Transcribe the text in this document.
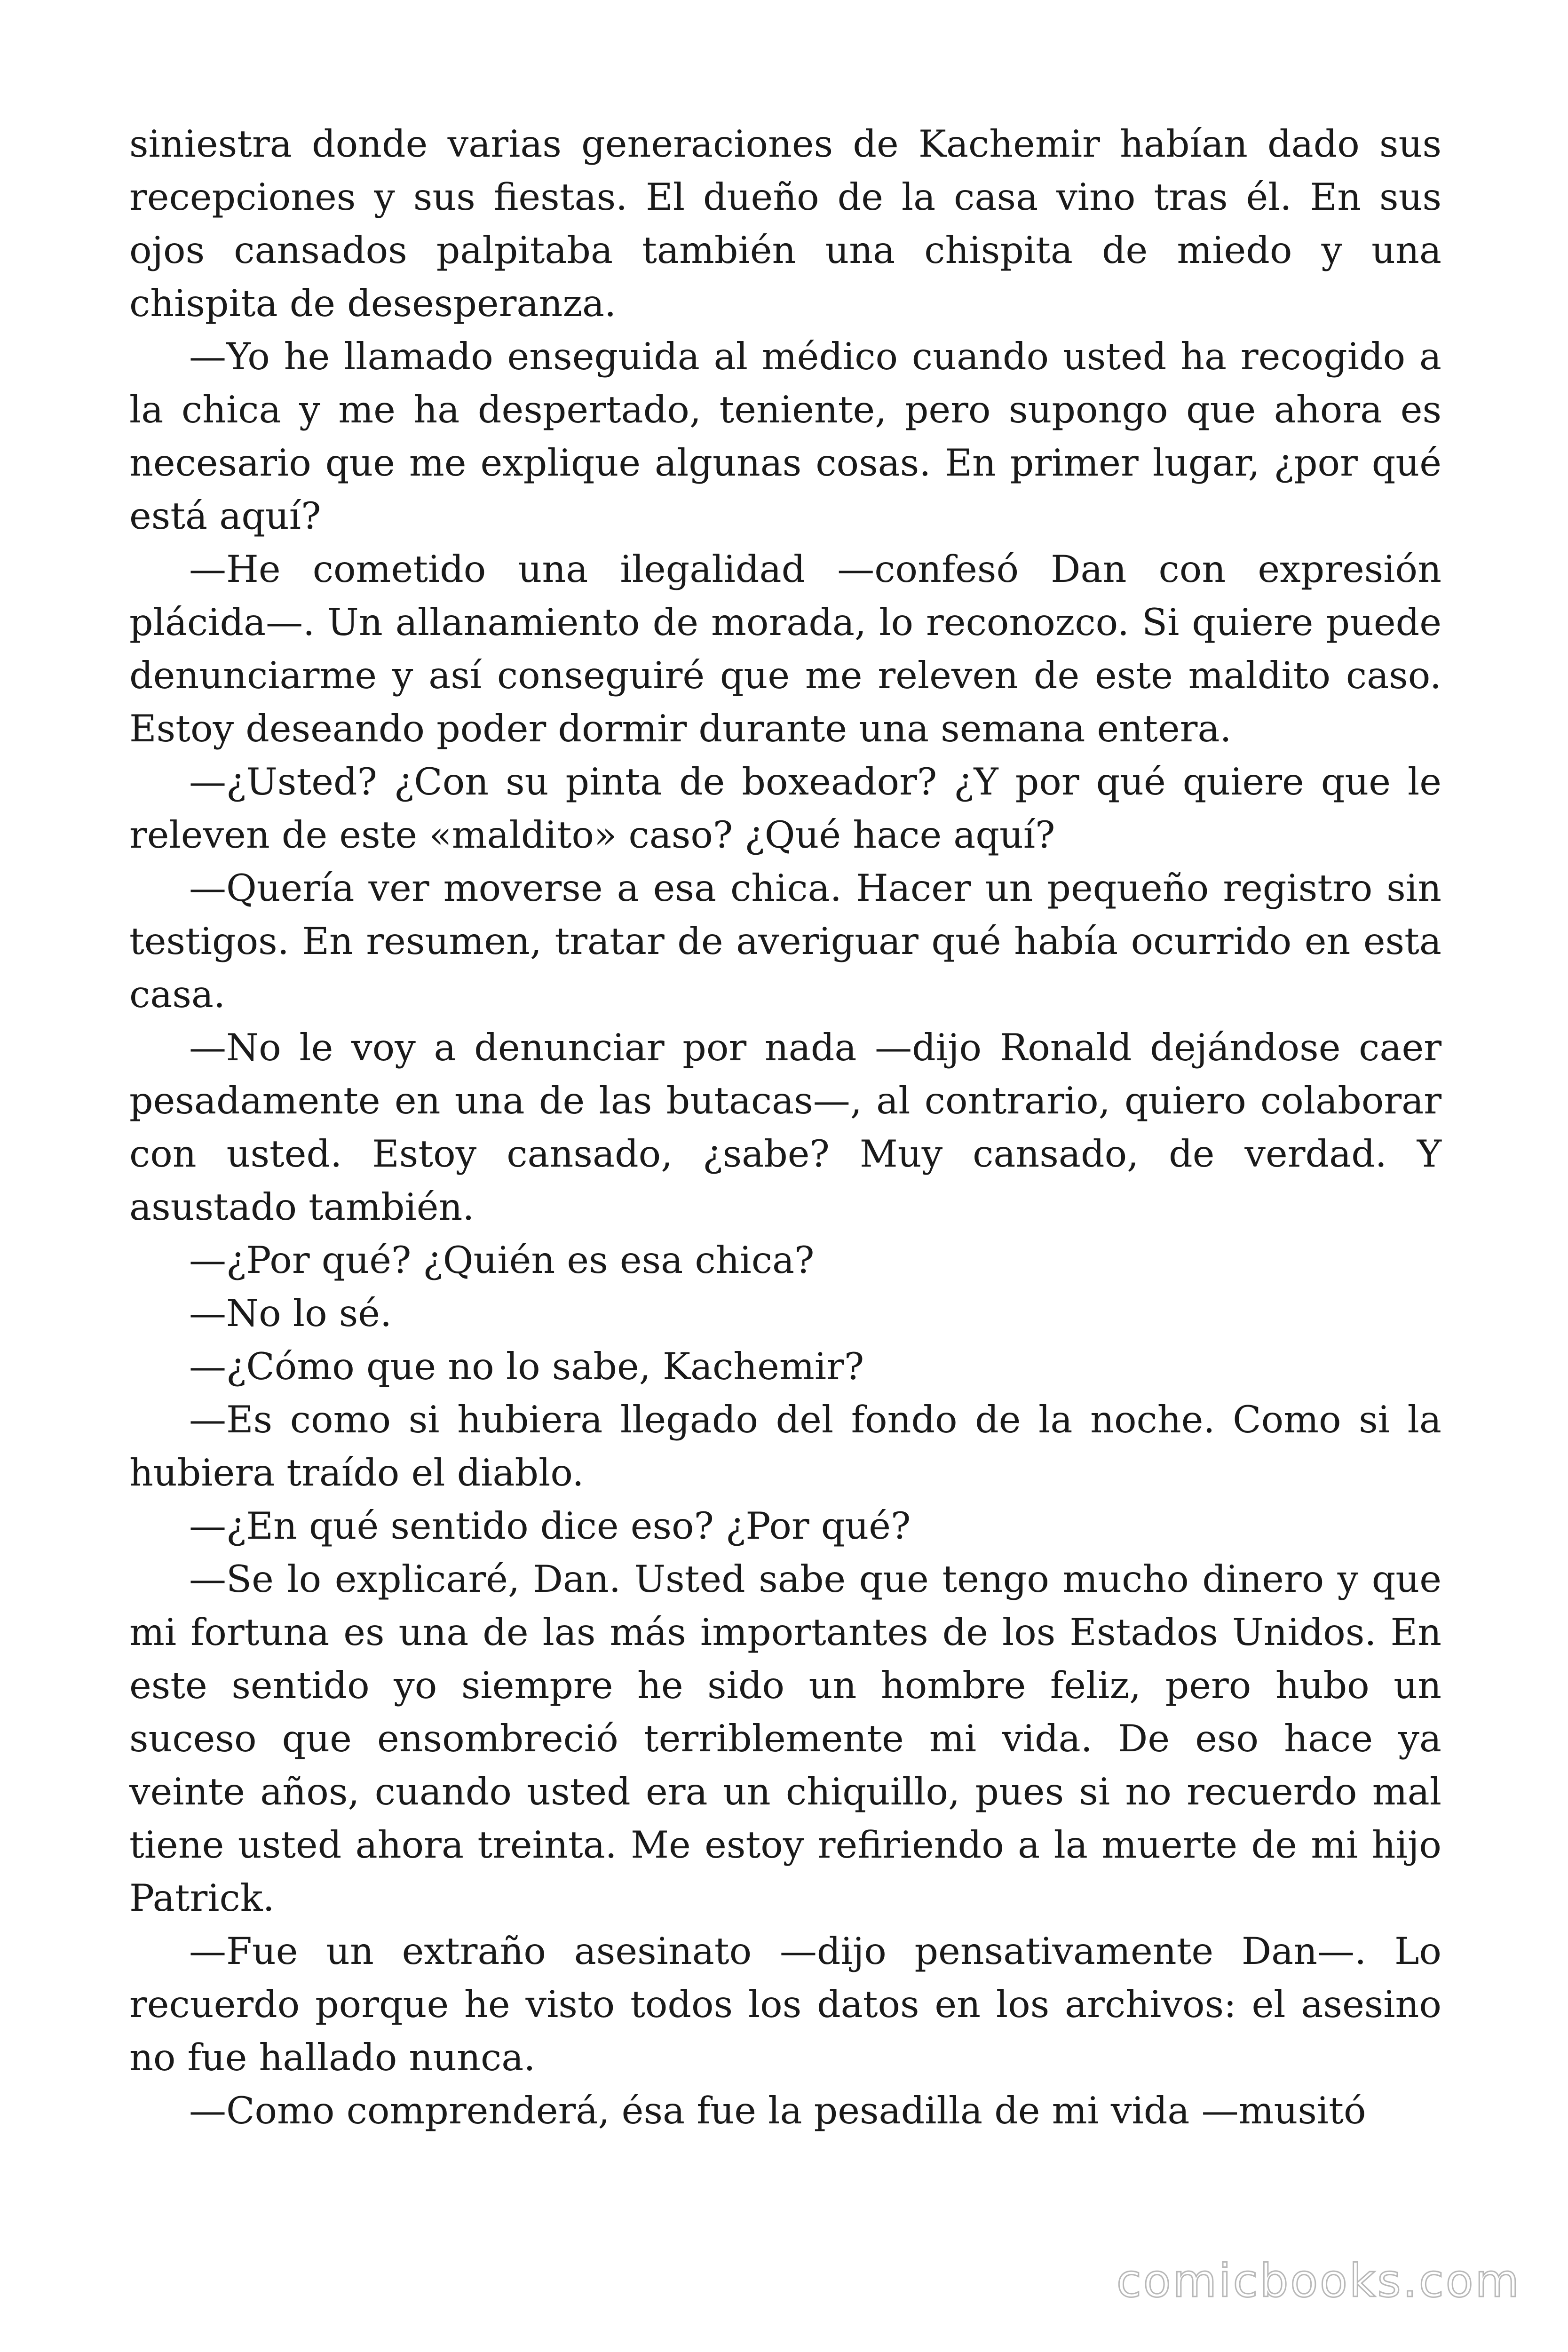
siniestra donde varias generaciones de Kachemir habían dado sus recepciones y sus fiestas. El dueño de la casa vino tras él. En sus ojos cansados palpitaba también una chispita de miedo y una chispita de desesperanza.

—Yo he llamado enseguida al médico cuando usted ha recogido a la chica y me ha despertado, teniente, pero supongo que ahora es necesario que me explique algunas cosas. En primer lugar, ¿por qué está aquí?

—He cometido una ilegalidad —confesó Dan con expresión plácida—. Un allanamiento de morada, lo reconozco. Si quiere puede denunciarme y así conseguiré que me releven de este maldito caso. Estoy deseando poder dormir durante una semana entera.

—¿Usted? ¿Con su pinta de boxeador? ¿Y por qué quiere que le releven de este «maldito» caso? ¿Qué hace aquí?

—Quería ver moverse a esa chica. Hacer un pequeño registro sin testigos. En resumen, tratar de averiguar qué había ocurrido en esta casa.

—No le voy a denunciar por nada —dijo Ronald dejándose caer pesadamente en una de las butacas—, al contrario, quiero colaborar con usted. Estoy cansado, ¿sabe? Muy cansado, de verdad. Y asustado también.

—¿Por qué? ¿Quién es esa chica?

—No lo sé.

—¿Cómo que no lo sabe, Kachemir?

—Es como si hubiera llegado del fondo de la noche. Como si la hubiera traído el diablo.

—¿En qué sentido dice eso? ¿Por qué?

—Se lo explicaré, Dan. Usted sabe que tengo mucho dinero y que mi fortuna es una de las más importantes de los Estados Unidos. En este sentido yo siempre he sido un hombre feliz, pero hubo un suceso que ensombreció terriblemente mi vida. De eso hace ya veinte años, cuando usted era un chiquillo, pues si no recuerdo mal tiene usted ahora treinta. Me estoy refiriendo a la muerte de mi hijo Patrick.

—Fue un extraño asesinato —dijo pensativamente Dan—. Lo recuerdo porque he visto todos los datos en los archivos: el asesino no fue hallado nunca.

—Como comprenderá, ésa fue la pesadilla de mi vida —musitó

comicbooks.com
